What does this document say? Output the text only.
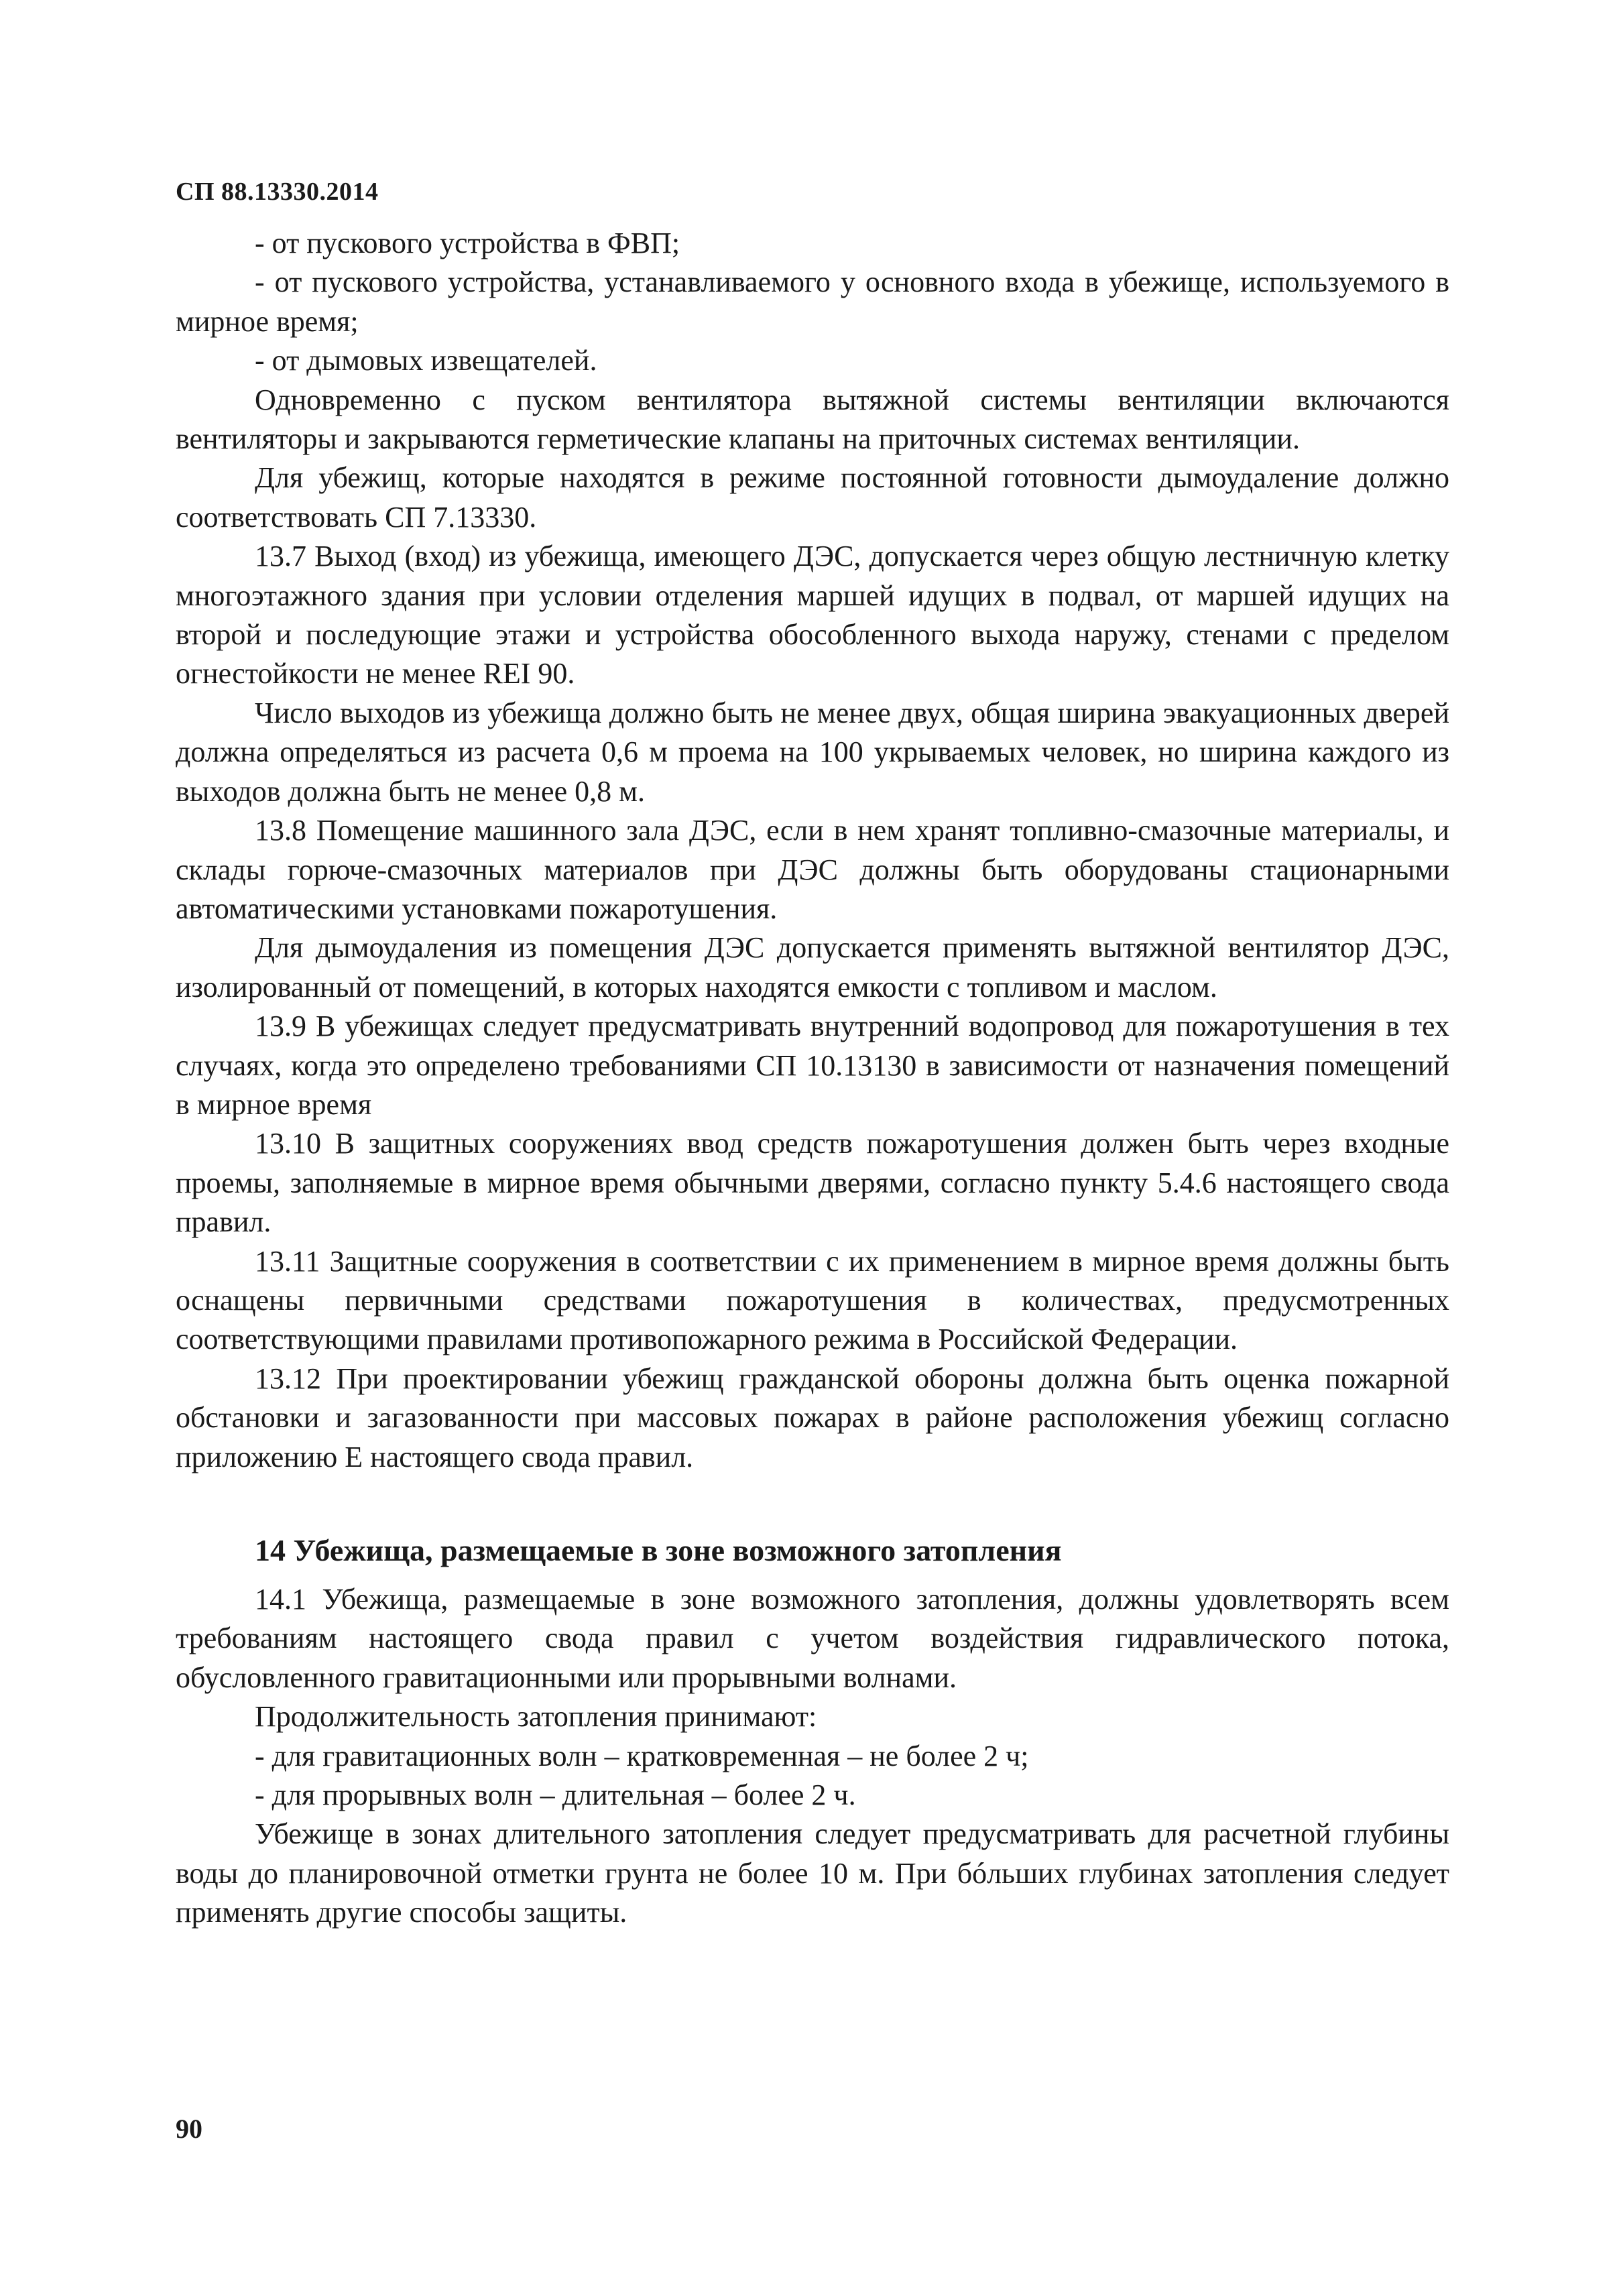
СП 88.13330.2014

- от пускового устройства в ФВП;

- от пускового устройства, устанавливаемого у основного входа в убежище, используемого в мирное время;

- от дымовых извещателей.

Одновременно с пуском вентилятора вытяжной системы вентиляции включаются вентиляторы и закрываются герметические клапаны на приточных системах вентиляции.

Для убежищ, которые находятся в режиме постоянной готовности дымоудаление должно соответствовать СП 7.13330.

13.7 Выход (вход) из убежища, имеющего ДЭС, допускается через общую лестничную клетку многоэтажного здания при условии отделения маршей идущих в подвал, от маршей идущих на второй и последующие этажи и устройства обособленного выхода наружу, стенами с пределом огнестойкости не менее REI 90.

Число выходов из убежища должно быть не менее двух, общая ширина эвакуационных дверей должна определяться из расчета 0,6 м проема на 100 укрываемых человек, но ширина каждого из выходов должна быть не менее 0,8 м.

13.8 Помещение машинного зала ДЭС, если в нем хранят топливно-смазочные материалы, и склады горюче-смазочных материалов при ДЭС должны быть оборудованы стационарными автоматическими установками пожаротушения.

Для дымоудаления из помещения ДЭС допускается применять вытяжной вентилятор ДЭС, изолированный от помещений, в которых находятся емкости с топливом и маслом.

13.9 В убежищах следует предусматривать внутренний водопровод для пожаротушения в тех случаях, когда это определено требованиями СП 10.13130 в зависимости от назначения помещений в мирное время

13.10 В защитных сооружениях ввод средств пожаротушения должен быть через входные проемы, заполняемые в мирное время обычными дверями, согласно пункту 5.4.6 настоящего свода правил.

13.11 Защитные сооружения в соответствии с их применением в мирное время должны быть оснащены первичными средствами пожаротушения в количествах, предусмотренных соответствующими правилами противопожарного режима в Российской Федерации.

13.12 При проектировании убежищ гражданской обороны должна быть оценка пожарной обстановки и загазованности при массовых пожарах в районе расположения убежищ согласно приложению Е настоящего свода правил.

14 Убежища, размещаемые в зоне возможного затопления

14.1 Убежища, размещаемые в зоне возможного затопления, должны удовлетворять всем требованиям настоящего свода правил с учетом воздействия гидравлического потока, обусловленного гравитационными или прорывными волнами.

Продолжительность затопления принимают:

- для гравитационных волн – кратковременная – не более 2 ч;

- для прорывных волн – длительная – более 2 ч.

Убежище в зонах длительного затопления следует предусматривать для расчетной глубины воды до планировочной отметки грунта не более 10 м. При бóльших глубинах затопления следует применять другие способы защиты.

90
